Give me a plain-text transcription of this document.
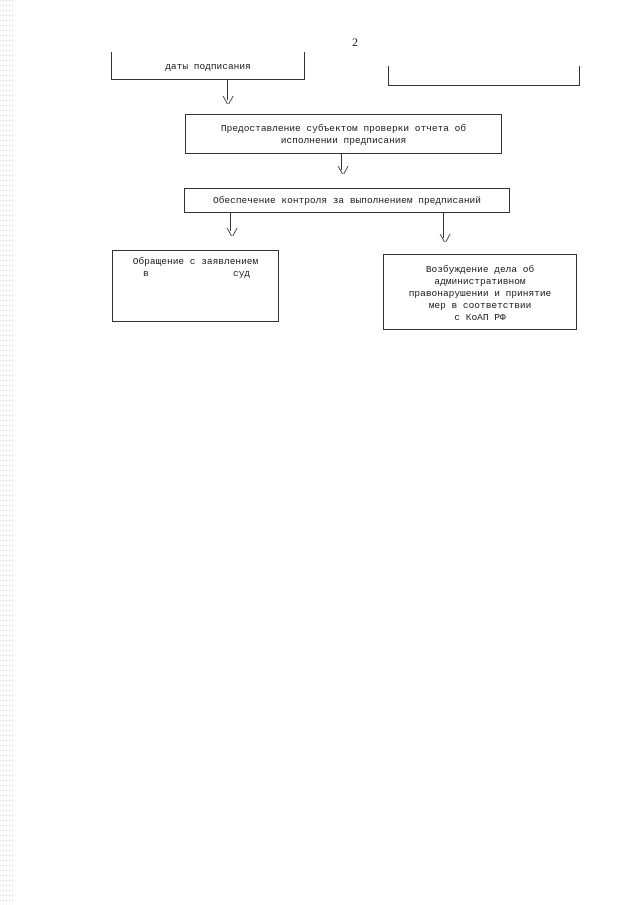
2
даты подписания
\/
Предоставление субъектом проверки отчета об
исполнении предписания
\/
Обеспечение контроля за выполнением предписаний
\/	\/
Обращение с заявлением
в	суд	Возбуждение дела об
административном
правонарушении и принятие
мер в соответствии
с КоАП РФ
